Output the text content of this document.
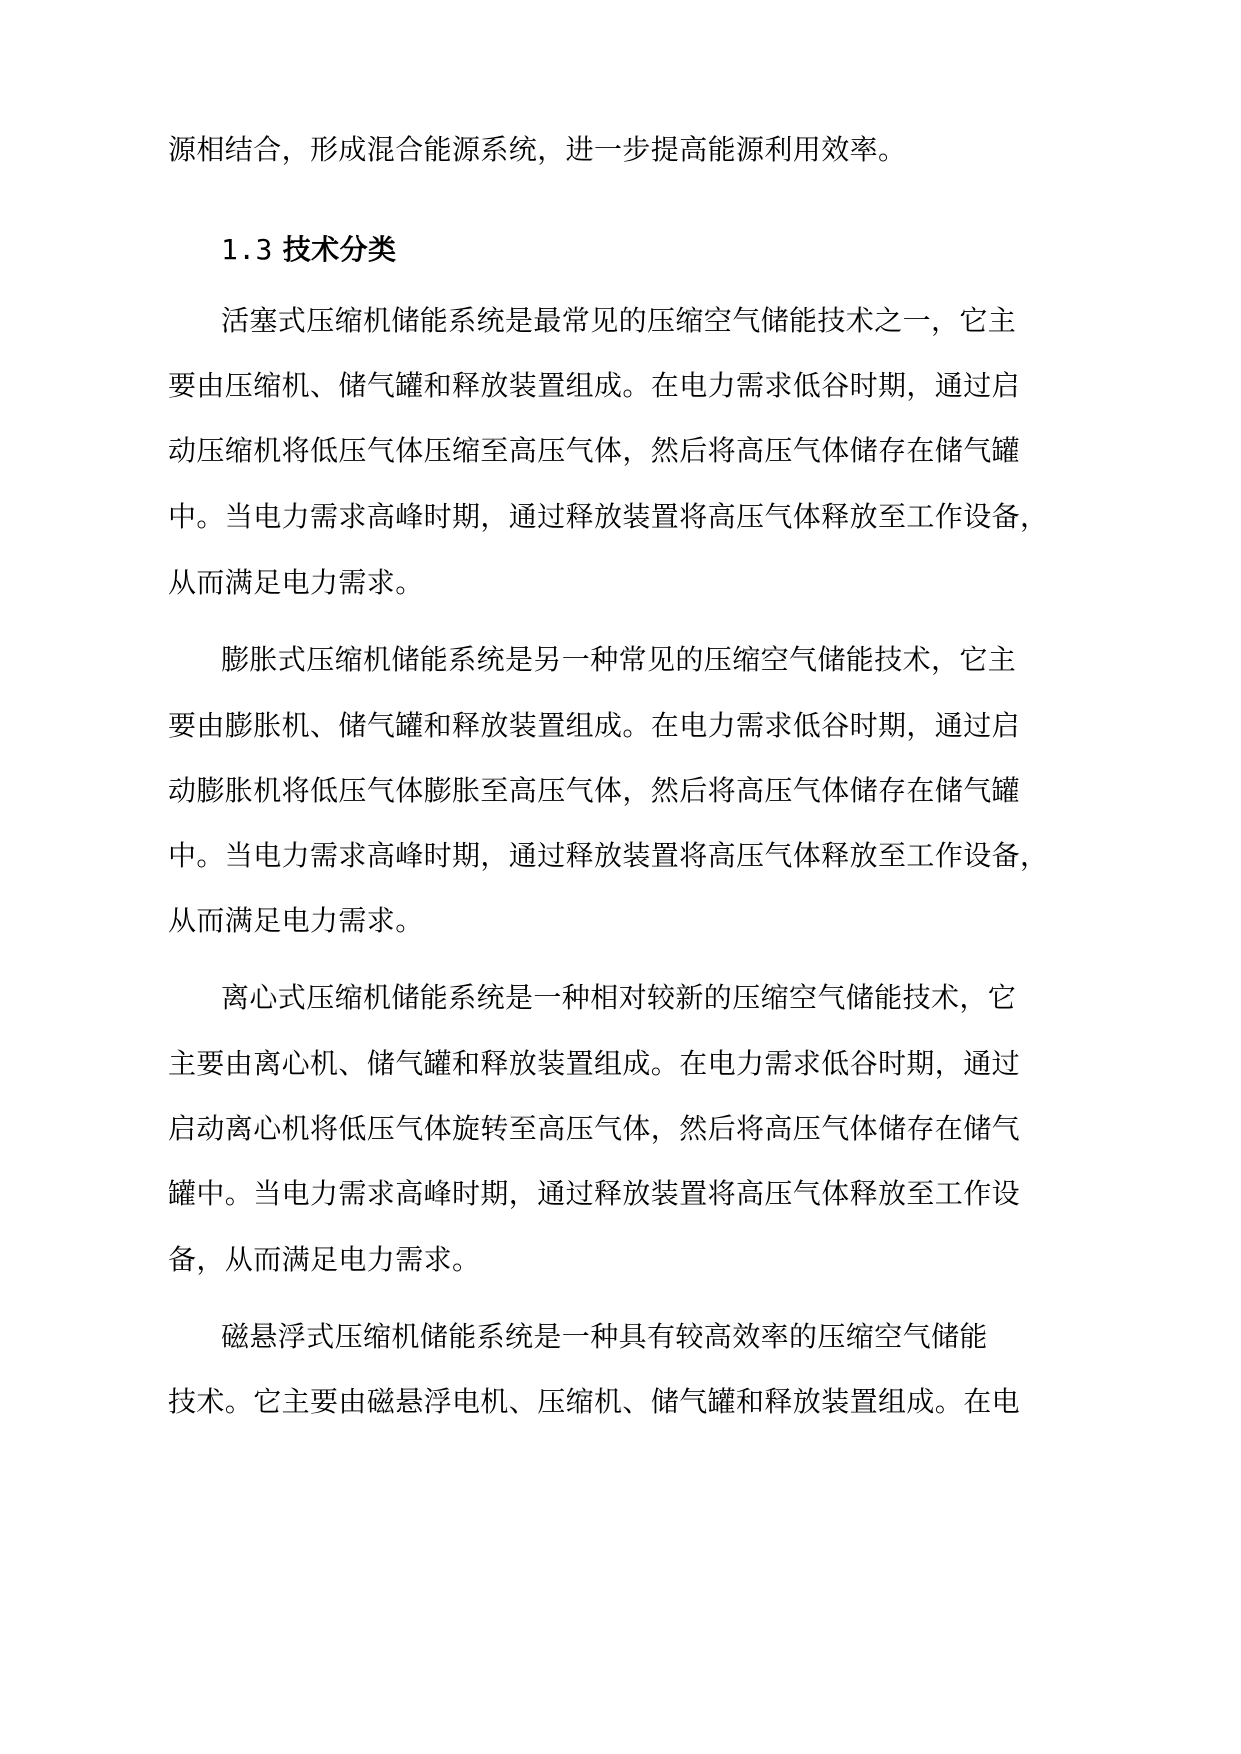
源相结合，形成混合能源系统，进一步提高能源利用效率。
1.3 技术分类
活塞式压缩机储能系统是最常见的压缩空气储能技术之一，它主
要由压缩机、储气罐和释放装置组成。在电力需求低谷时期，通过启
动压缩机将低压气体压缩至高压气体，然后将高压气体储存在储气罐
中。当电力需求高峰时期，通过释放装置将高压气体释放至工作设备，
从而满足电力需求。
膨胀式压缩机储能系统是另一种常见的压缩空气储能技术，它主
要由膨胀机、储气罐和释放装置组成。在电力需求低谷时期，通过启
动膨胀机将低压气体膨胀至高压气体，然后将高压气体储存在储气罐
中。当电力需求高峰时期，通过释放装置将高压气体释放至工作设备，
从而满足电力需求。
离心式压缩机储能系统是一种相对较新的压缩空气储能技术，它
主要由离心机、储气罐和释放装置组成。在电力需求低谷时期，通过
启动离心机将低压气体旋转至高压气体，然后将高压气体储存在储气
罐中。当电力需求高峰时期，通过释放装置将高压气体释放至工作设
备，从而满足电力需求。
磁悬浮式压缩机储能系统是一种具有较高效率的压缩空气储能
技术。它主要由磁悬浮电机、压缩机、储气罐和释放装置组成。在电
